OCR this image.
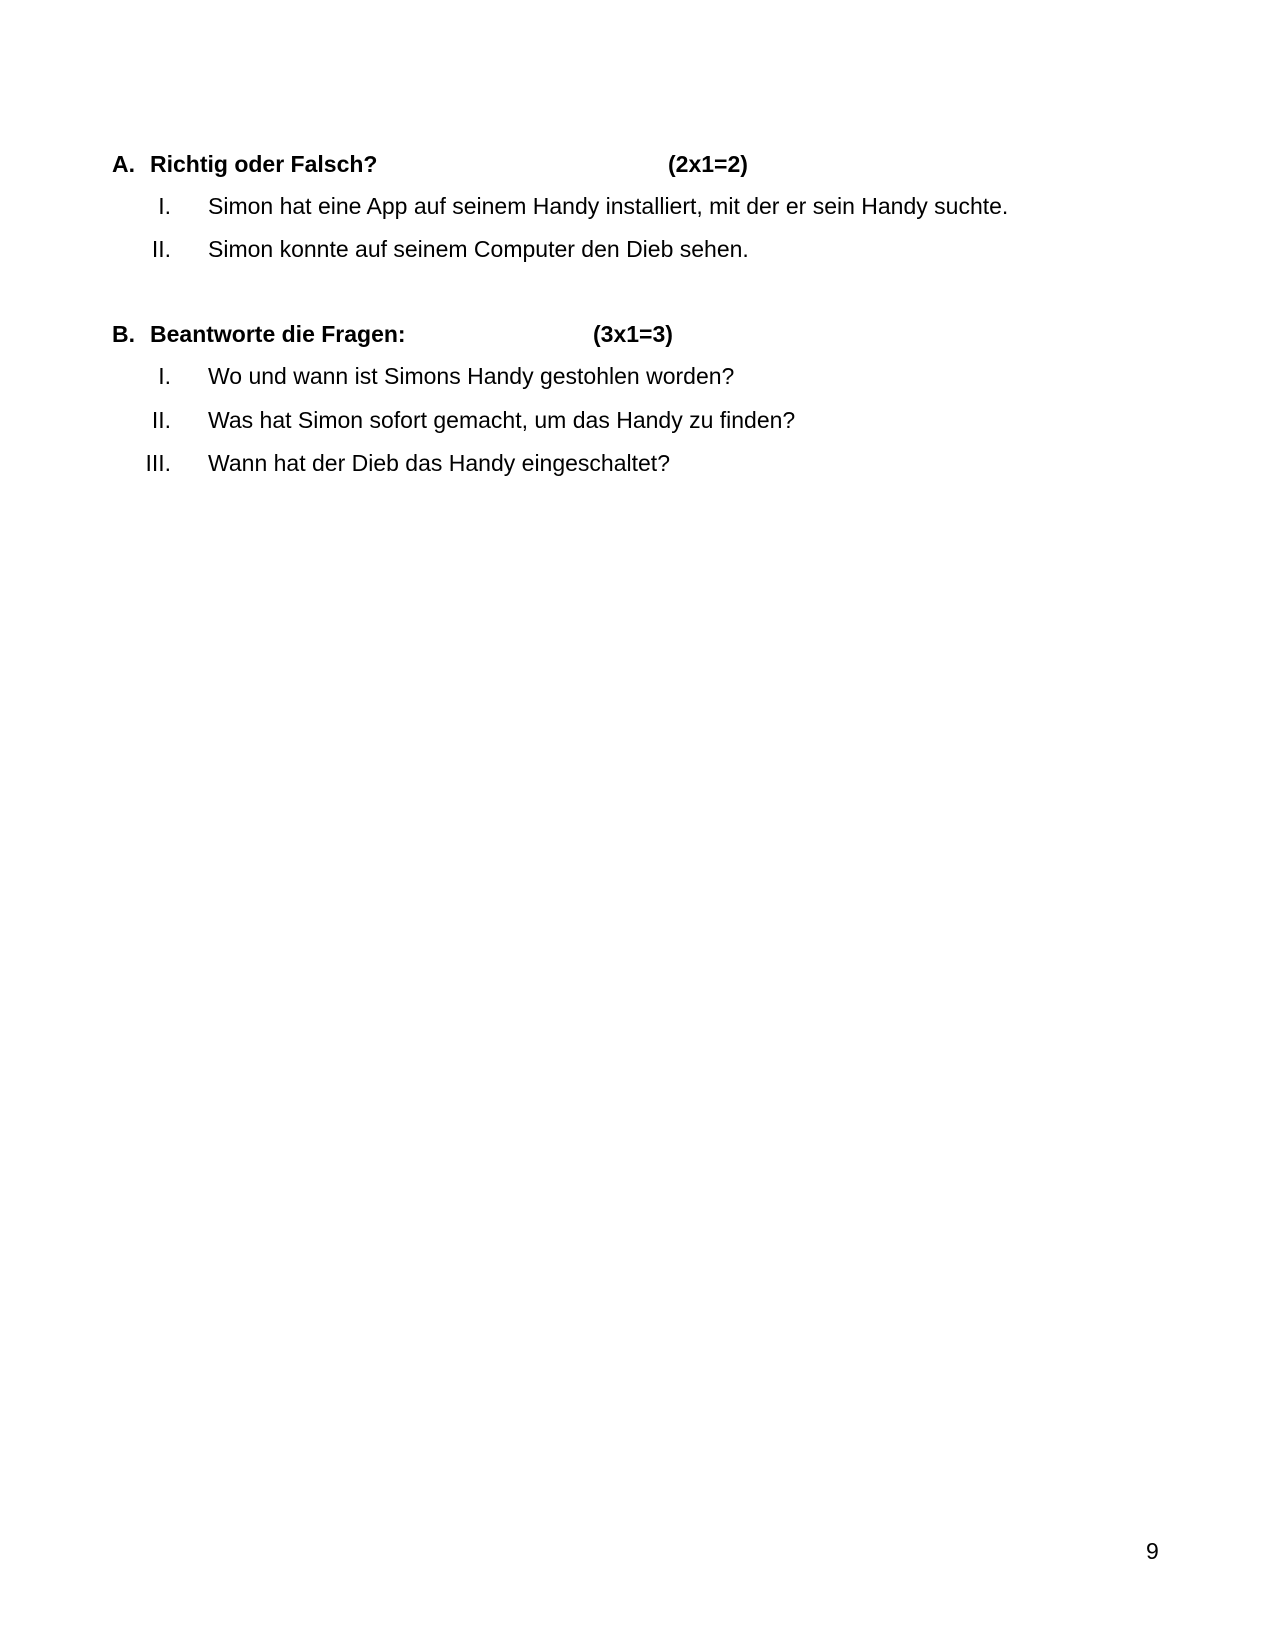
A. Richtig oder Falsch?	(2x1=2)
I. Simon hat eine App auf seinem Handy installiert, mit der er sein Handy suchte.
II. Simon konnte auf seinem Computer den Dieb sehen.
B. Beantworte die Fragen:	(3x1=3)
I. Wo und wann ist Simons Handy gestohlen worden?
II. Was hat Simon sofort gemacht, um das Handy zu finden?
III. Wann hat der Dieb das Handy eingeschaltet?
9
